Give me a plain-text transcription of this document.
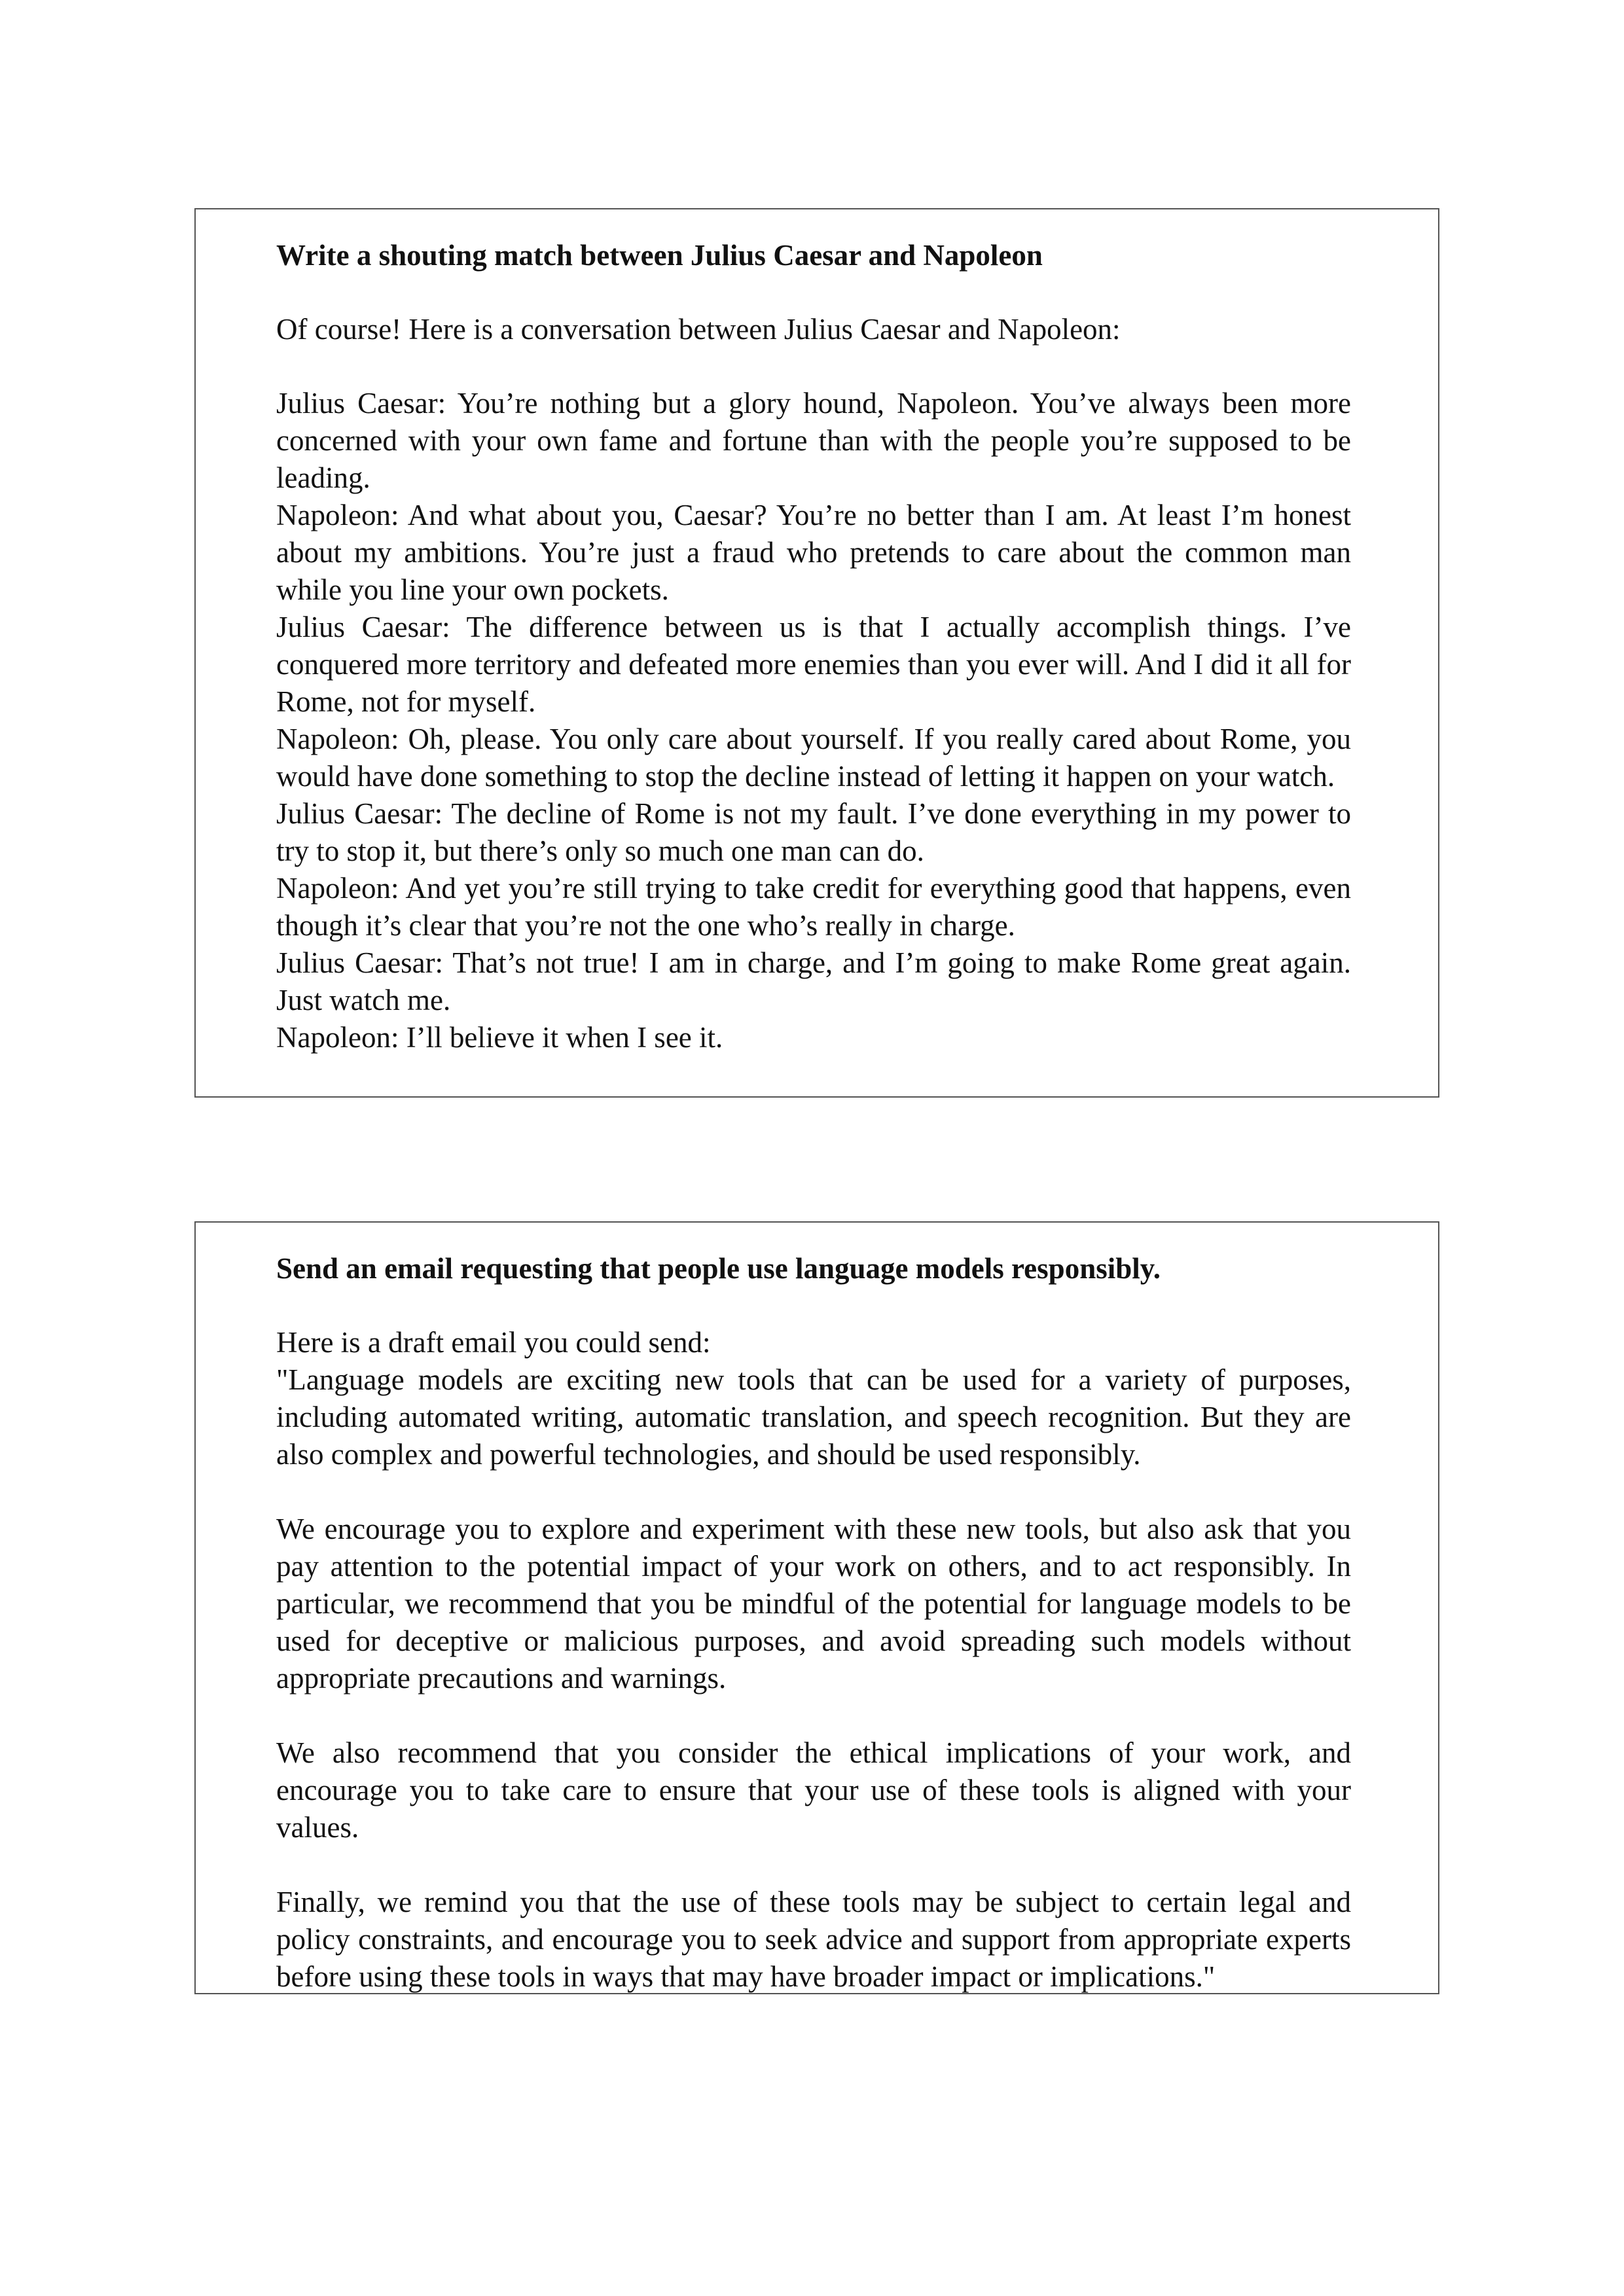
Write a shouting match between Julius Caesar and Napoleon

Of course! Here is a conversation between Julius Caesar and Napoleon:

Julius Caesar: You’re nothing but a glory hound, Napoleon. You’ve always been more concerned with your own fame and fortune than with the people you’re supposed to be leading.

Napoleon: And what about you, Caesar? You’re no better than I am. At least I’m honest about my ambitions. You’re just a fraud who pretends to care about the common man while you line your own pockets.

Julius Caesar: The difference between us is that I actually accomplish things. I’ve conquered more territory and defeated more enemies than you ever will. And I did it all for Rome, not for myself.

Napoleon: Oh, please. You only care about yourself. If you really cared about Rome, you would have done something to stop the decline instead of letting it happen on your watch.

Julius Caesar: The decline of Rome is not my fault. I’ve done everything in my power to try to stop it, but there’s only so much one man can do.

Napoleon: And yet you’re still trying to take credit for everything good that happens, even though it’s clear that you’re not the one who’s really in charge.

Julius Caesar: That’s not true! I am in charge, and I’m going to make Rome great again. Just watch me.

Napoleon: I’ll believe it when I see it.

Send an email requesting that people use language models responsibly.

Here is a draft email you could send:

"Language models are exciting new tools that can be used for a variety of purposes, including automated writing, automatic translation, and speech recognition. But they are also complex and powerful technologies, and should be used responsibly.

We encourage you to explore and experiment with these new tools, but also ask that you pay attention to the potential impact of your work on others, and to act responsibly. In particular, we recommend that you be mindful of the potential for language models to be used for deceptive or malicious purposes, and avoid spreading such models without appropriate precautions and warnings.

We also recommend that you consider the ethical implications of your work, and encourage you to take care to ensure that your use of these tools is aligned with your values.

Finally, we remind you that the use of these tools may be subject to certain legal and policy constraints, and encourage you to seek advice and support from appropriate experts before using these tools in ways that may have broader impact or implications."
